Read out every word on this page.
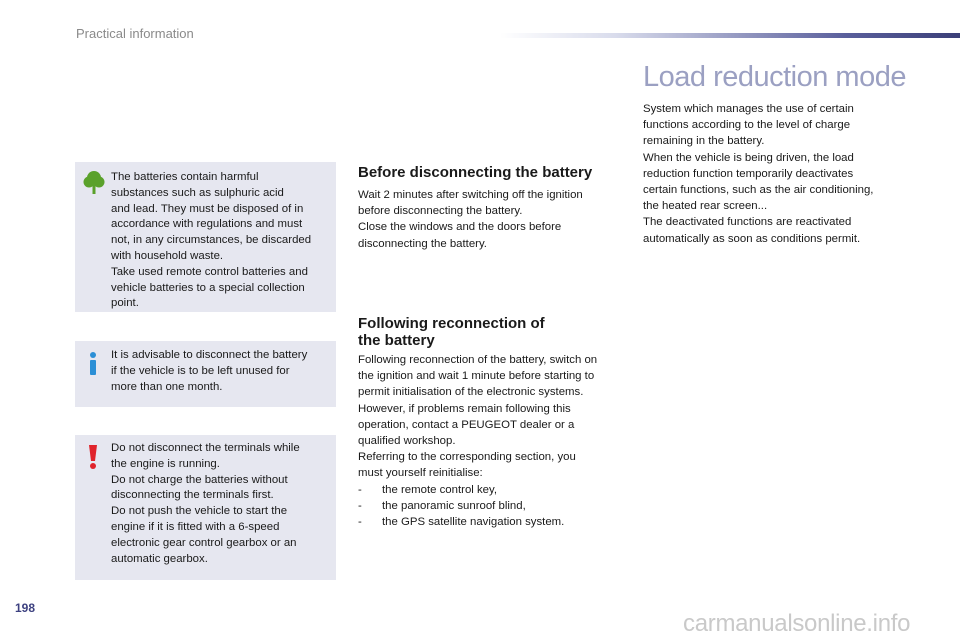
Practical information

The batteries contain harmful
substances such as sulphuric acid
and lead. They must be disposed of in
accordance with regulations and must
not, in any circumstances, be discarded
with household waste.
Take used remote control batteries and
vehicle batteries to a special collection
point.

It is advisable to disconnect the battery
if the vehicle is to be left unused for
more than one month.

Do not disconnect the terminals while
the engine is running.
Do not charge the batteries without
disconnecting the terminals first.
Do not push the vehicle to start the
engine if it is fitted with a 6-speed
electronic gear control gearbox or an
automatic gearbox.

Before disconnecting the battery
Wait 2 minutes after switching off the ignition
before disconnecting the battery.
Close the windows and the doors before
disconnecting the battery.
Following reconnection of
the battery
Following reconnection of the battery, switch on
the ignition and wait 1 minute before starting to
permit initialisation of the electronic systems.
However, if problems remain following this
operation, contact a PEUGEOT dealer or a
qualified workshop.
Referring to the corresponding section, you
must yourself reinitialise:
-	the remote control key,
-	the panoramic sunroof blind,
-	the GPS satellite navigation system.
Load reduction mode
System which manages the use of certain
functions according to the level of charge
remaining in the battery.
When the vehicle is being driven, the load
reduction function temporarily deactivates
certain functions, such as the air conditioning,
the heated rear screen...
The deactivated functions are reactivated
automatically as soon as conditions permit.
198
carmanualsonline.info
